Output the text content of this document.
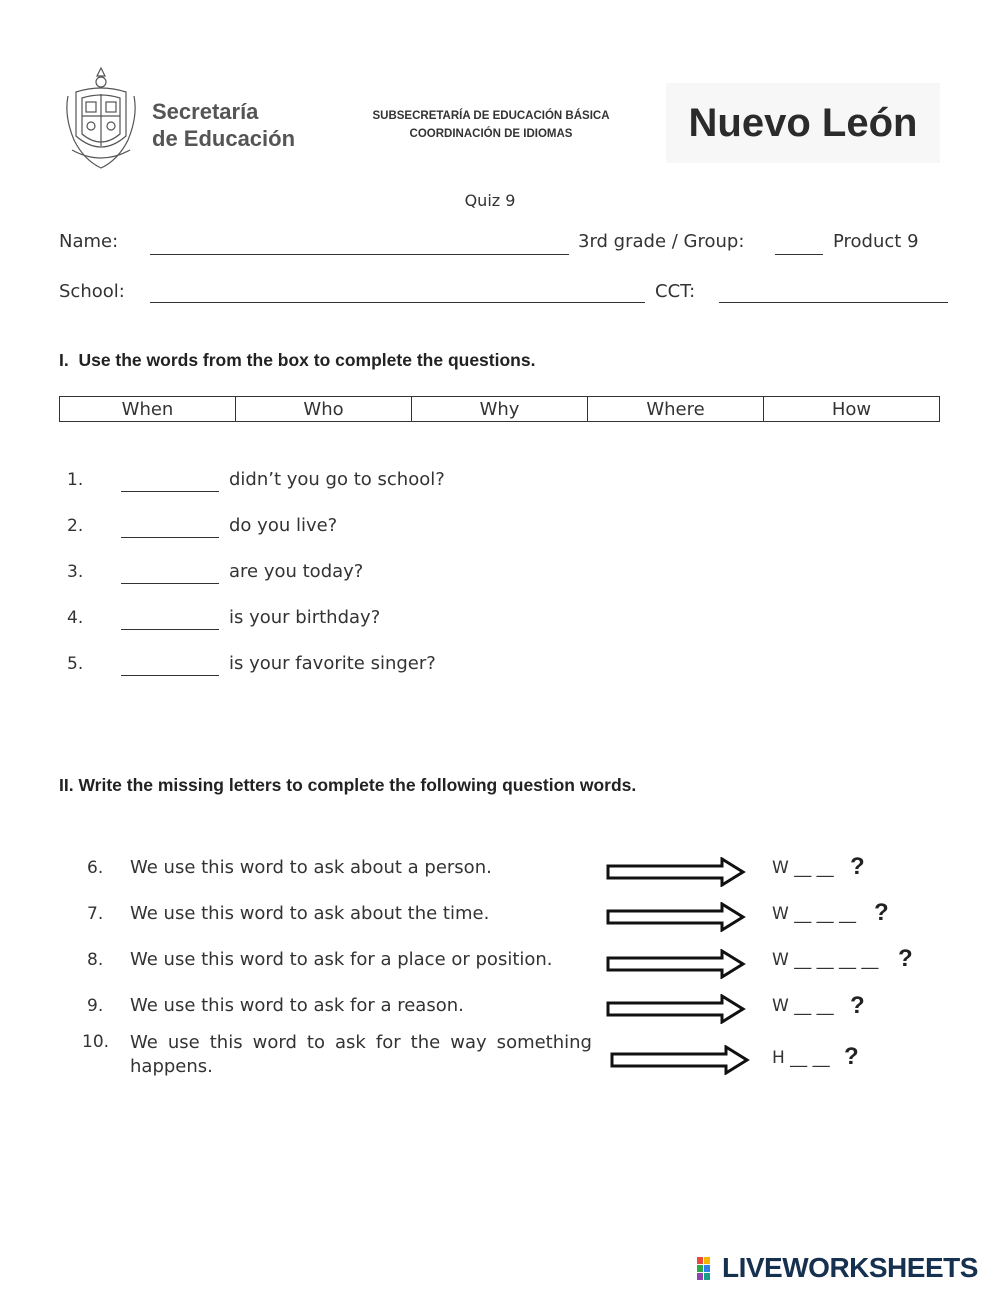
Secretaría
de Educación
SUBSECRETARÍA DE EDUCACIÓN BÁSICA
COORDINACIÓN DE IDIOMAS	Nuevo León
Quiz 9
Name:	3rd grade / Group:	Product 9
School:	CCT:
I.  Use the words from the box to complete the questions.
When	Who	Why	Where	How
1.	didn’t you go to school?
2.	do you live?
3.	are you today?
4.	is your birthday?
5.	is your favorite singer?
II. Write the missing letters to complete the following question words.
6. We use this word to ask about a person.	W __ __ ?
7. We use this word to ask about the time.	W __ __ __ ?
8. We use this word to ask for a place or position.	W __ __ __ __ ?
9. We use this word to ask for a reason.	W __ __ ?
10. We use this word to ask for the way something
happens.	H __ __ ?
LIVEWORKSHEETS
